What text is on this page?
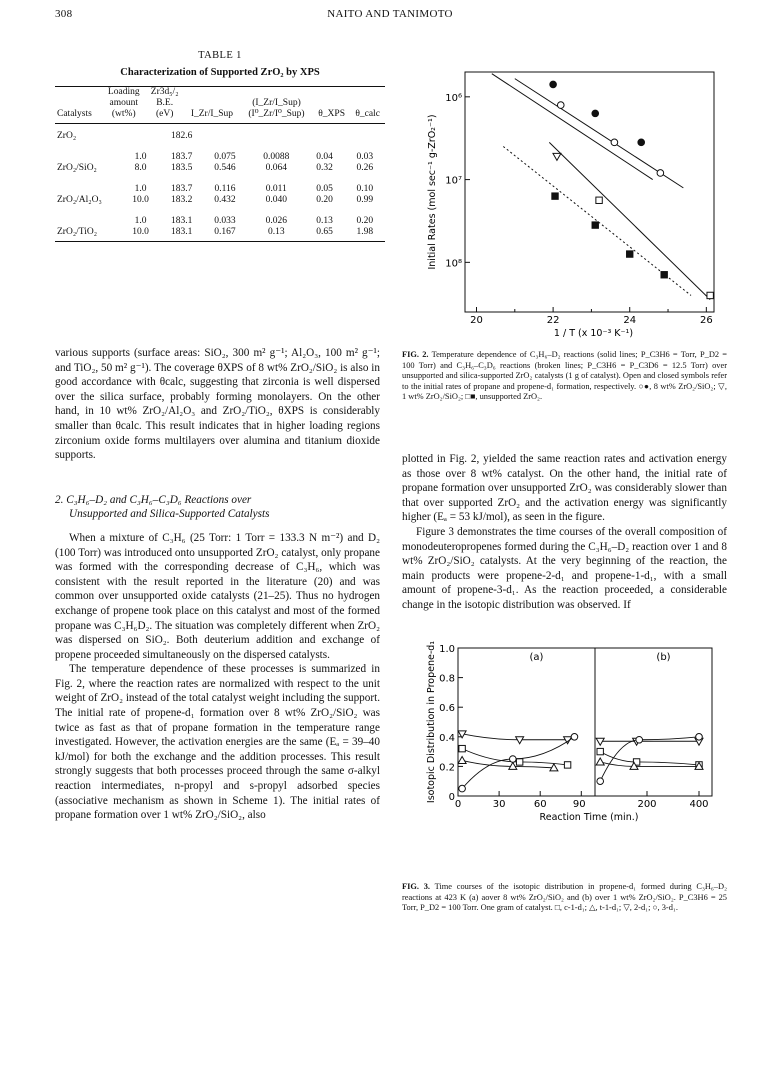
308	NAITO AND TANIMOTO
TABLE 1
Characterization of Supported ZrO₂ by XPS
	Loading	Zr3d₅/₂				
	amount	B.E.		(I_Zr/I_Sup)		
Catalysts	(wt%)	(eV)	I_Zr/I_Sup	(I⁰_Zr/I⁰_Sup)	θ_XPS	θ_calc
ZrO₂		182.6				

	1.0	183.7	0.075	0.0088	0.04	0.03
ZrO₂/SiO₂	8.0	183.5	0.546	0.064	0.32	0.26

	1.0	183.7	0.116	0.011	0.05	0.10
ZrO₂/Al₂O₃	10.0	183.2	0.432	0.040	0.20	0.99

	1.0	183.1	0.033	0.026	0.13	0.20
ZrO₂/TiO₂	10.0	183.1	0.167	0.13	0.65	1.98
20	22	24	26
10⁶
10⁷
10⁸
1 / T (x 10⁻³ K⁻¹)
Initial Rates (mol sec⁻¹ g-ZrO₂⁻¹)
FIG. 2. Temperature dependence of C₃H₆–D₂ reactions (solid lines; P_C3H6 = Torr, P_D2 = 100 Torr) and C₃H₆–C₃D₆ reactions (broken lines; P_C3H6 = P_C3D6 = 12.5 Torr) over unsupported and silica-supported ZrO₂ catalysts (1 g of catalyst). Open and closed symbols refer to the initial rates of propane and propene-d₁ formation, respectively. ○●, 8 wt% ZrO₂/SiO₂; ▽, 1 wt% ZrO₂/SiO₂; □■, unsupported ZrO₂.

various supports (surface areas: SiO₂, 300 m² g⁻¹; Al₂O₃, 100 m² g⁻¹; and TiO₂, 50 m² g⁻¹). The coverage θXPS of 8 wt% ZrO₂/SiO₂ is also in good accordance with θcalc, suggesting that zirconia is well dispersed over the silica surface, probably forming monolayers. On the other hand, in 10 wt% ZrO₂/Al₂O₃ and ZrO₂/TiO₂, θXPS is considerably smaller than θcalc. This result indicates that in higher loading regions zirconium oxide forms multilayers over alumina and titanium dioxide supports.

2. C₃H₆–D₂ and C₃H₆–C₃D₆ Reactions over

Unsupported and Silica-Supported Catalysts

When a mixture of C₃H₆ (25 Torr: 1 Torr = 133.3 N m⁻²) and D₂ (100 Torr) was introduced onto unsupported ZrO₂ catalyst, only propane was formed with the corresponding decrease of C₃H₆, which was consistent with the result reported in the literature (20) and was common over unsupported oxide catalysts (21–25). Thus no hydrogen exchange of propene took place on this catalyst and most of the formed propane was C₃H₆D₂. The situation was completely different when ZrO₂ was dispersed on SiO₂. Both deuterium addition and exchange of propene proceeded simultaneously on the dispersed catalysts.

The temperature dependence of these processes is summarized in Fig. 2, where the reaction rates are normalized with respect to the unit weight of ZrO₂ instead of the total catalyst weight including the support. The initial rate of propene-d₁ formation over 8 wt% ZrO₂/SiO₂ was twice as fast as that of propane formation in the temperature range investigated. However, the activation energies are the same (Eₐ = 39–40 kJ/mol) for both the exchange and the addition processes. This result strongly suggests that both processes proceed through the same σ-alkyl reaction intermediates, n-propyl and s-propyl adsorbed species (associative mechanism as shown in Scheme 1). The initial rates of propane formation over 1 wt% ZrO₂/SiO₂, also

plotted in Fig. 2, yielded the same reaction rates and activation energy as those over 8 wt% catalyst. On the other hand, the initial rate of propane formation over unsupported ZrO₂ was considerably slower than that over supported ZrO₂ and the activation energy was significantly higher (Eₐ = 53 kJ/mol), as seen in the figure.

Figure 3 demonstrates the time courses of the overall composition of monodeuteropropenes formed during the C₃H₆–D₂ reaction over 1 and 8 wt% ZrO₂/SiO₂ catalysts. At the very beginning of the reaction, the main products were propene-2-d₁ and propene-1-d₁, with a small amount of propene-3-d₁. As the reaction proceeded, a considerable change in the isotopic distribution was observed. If

0
0.2
0.4
0.6
0.8
1.0
Isotopic Distribution in Propene-d₁
Reaction Time (min.)
(a)
0	30	60	90
(b)
200	400
FIG. 3. Time courses of the isotopic distribution in propene-d₁ formed during C₃H₆–D₂ reactions at 423 K (a) aover 8 wt% ZrO₂/SiO₂ and (b) over 1 wt% ZrO₂/SiO₂. P_C3H6 = 25 Torr, P_D2 = 100 Torr. One gram of catalyst. □, c-1-d₁; △, t-1-d₁; ▽, 2-d₁; ○, 3-d₁.
